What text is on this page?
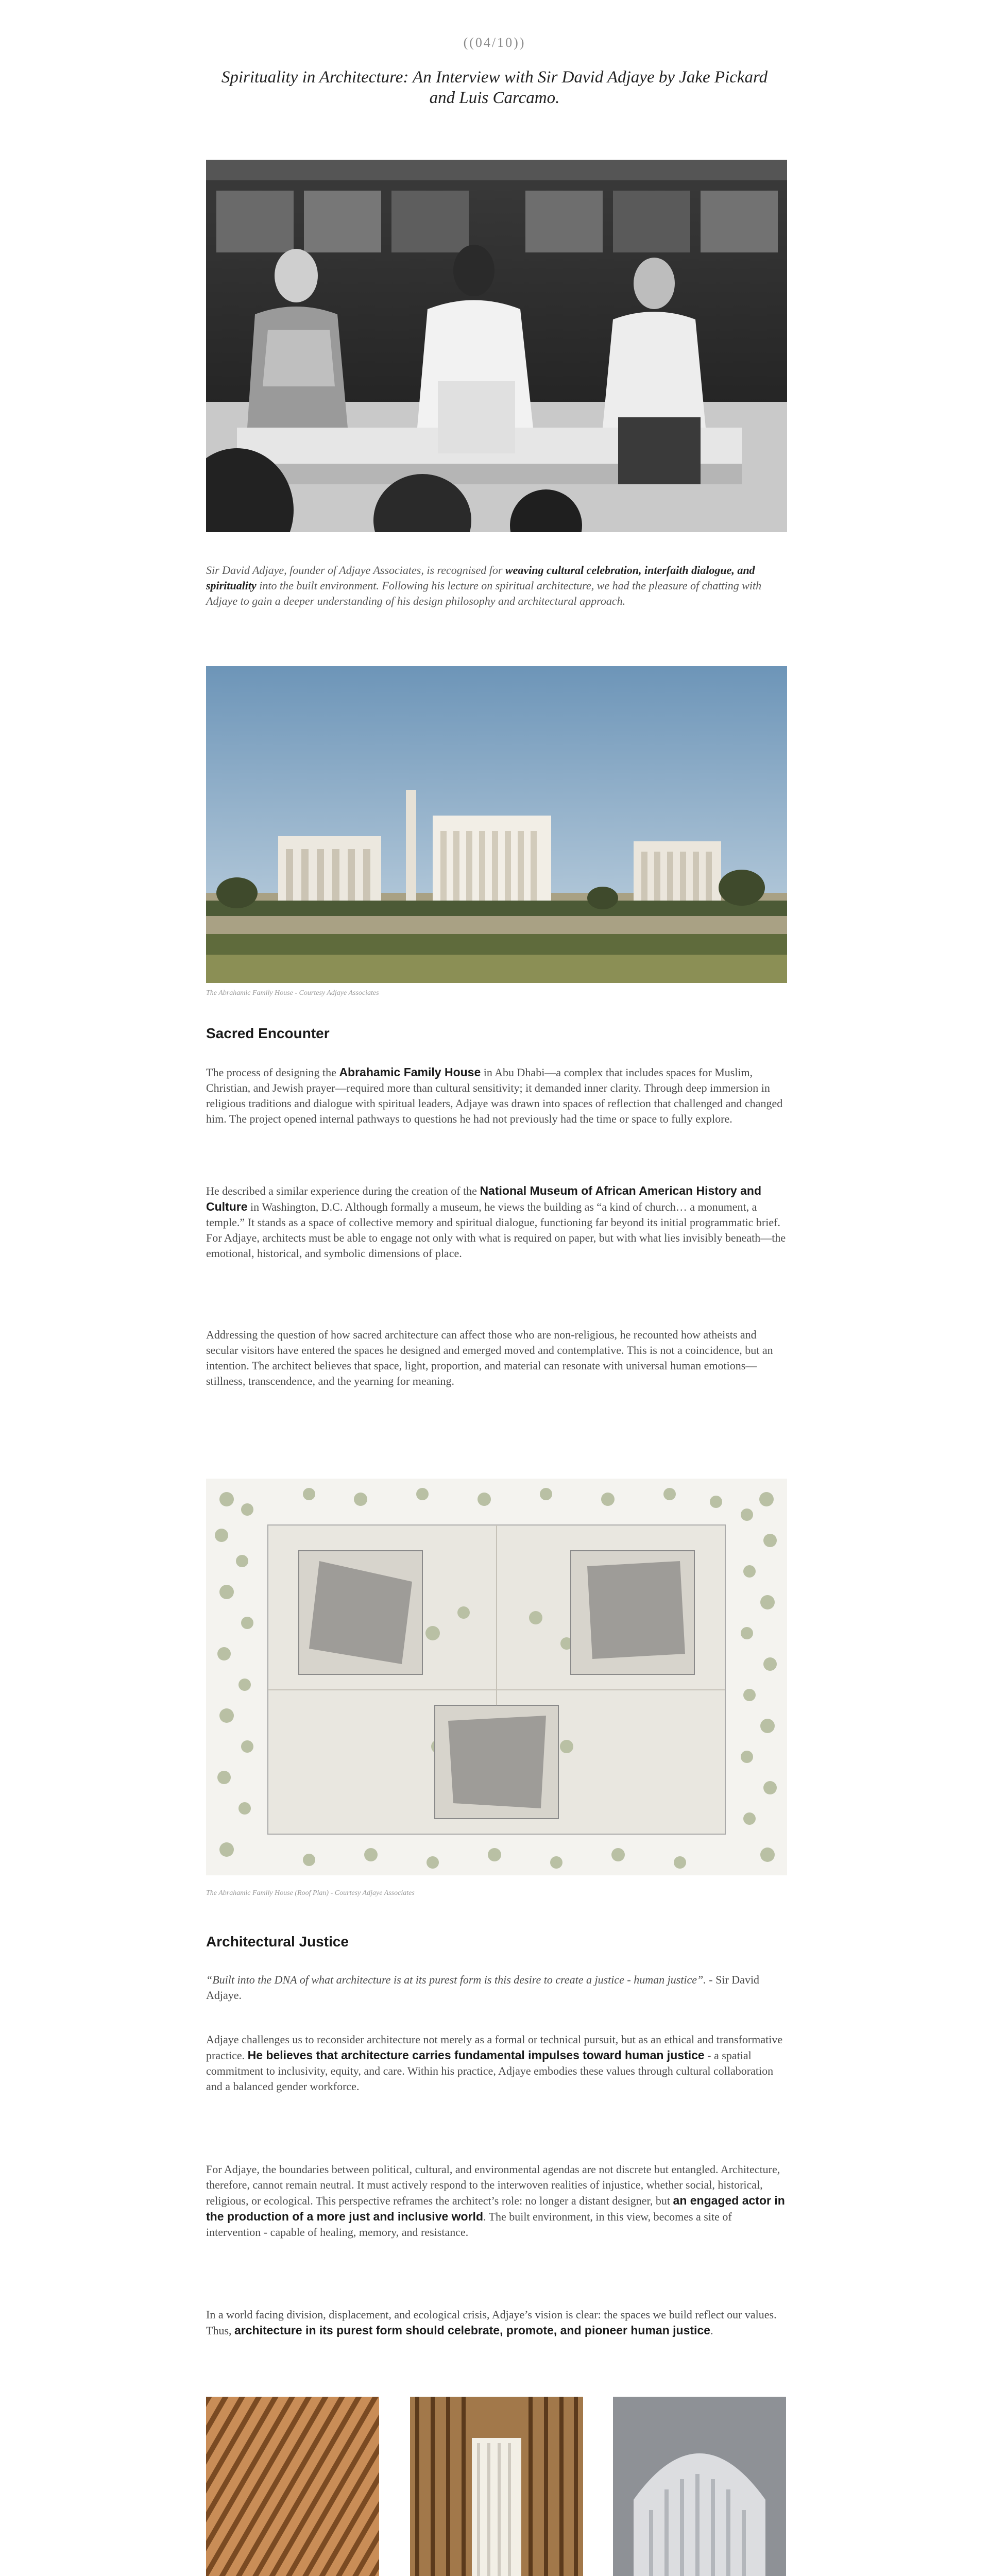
((04/10))
Spirituality in Architecture: An Interview with Sir David Adjaye by Jake Pickard and Luis Carcamo.

Sir David Adjaye, founder of Adjaye Associates, is recognised for weaving cultural celebration, interfaith dialogue, and spirituality into the built environment. Following his lecture on spiritual architecture, we had the pleasure of chatting with Adjaye to gain a deeper understanding of his design philosophy and architectural approach.

The Abrahamic Family House - Courtesy Adjaye Associates
Sacred Encounter

The process of designing the Abrahamic Family House in Abu Dhabi—a complex that includes spaces for Muslim, Christian, and Jewish prayer—required more than cultural sensitivity; it demanded inner clarity. Through deep immersion in religious traditions and dialogue with spiritual leaders, Adjaye was drawn into spaces of reflection that challenged and changed him. The project opened internal pathways to questions he had not previously had the time or space to fully explore.

He described a similar experience during the creation of the National Museum of African American History and Culture in Washington, D.C. Although formally a museum, he views the building as “a kind of church… a monument, a temple.” It stands as a space of collective memory and spiritual dialogue, functioning far beyond its initial programmatic brief. For Adjaye, architects must be able to engage not only with what is required on paper, but with what lies invisibly beneath—the emotional, historical, and symbolic dimensions of place.

Addressing the question of how sacred architecture can affect those who are non-religious, he recounted how atheists and secular visitors have entered the spaces he designed and emerged moved and contemplative. This is not a coincidence, but an intention. The architect believes that space, light, proportion, and material can resonate with universal human emotions—stillness, transcendence, and the yearning for meaning.

The Abrahamic Family House (Roof Plan) - Courtesy Adjaye Associates
Architectural Justice

“Built into the DNA of what architecture is at its purest form is this desire to create a justice - human justice”. - Sir David Adjaye.

Adjaye challenges us to reconsider architecture not merely as a formal or technical pursuit, but as an ethical and transformative practice. He believes that architecture carries fundamental impulses toward human justice - a spatial commitment to inclusivity, equity, and care. Within his practice, Adjaye embodies these values through cultural collaboration and a balanced gender workforce.

For Adjaye, the boundaries between political, cultural, and environmental agendas are not discrete but entangled. Architecture, therefore, cannot remain neutral. It must actively respond to the interwoven realities of injustice, whether social, historical, religious, or ecological. This perspective reframes the architect’s role: no longer a distant designer, but an engaged actor in the production of a more just and inclusive world. The built environment, in this view, becomes a site of intervention - capable of healing, memory, and resistance.

In a world facing division, displacement, and ecological crisis, Adjaye’s vision is clear: the spaces we build reflect our values. Thus, architecture in its purest form should celebrate, promote, and pioneer human justice.
